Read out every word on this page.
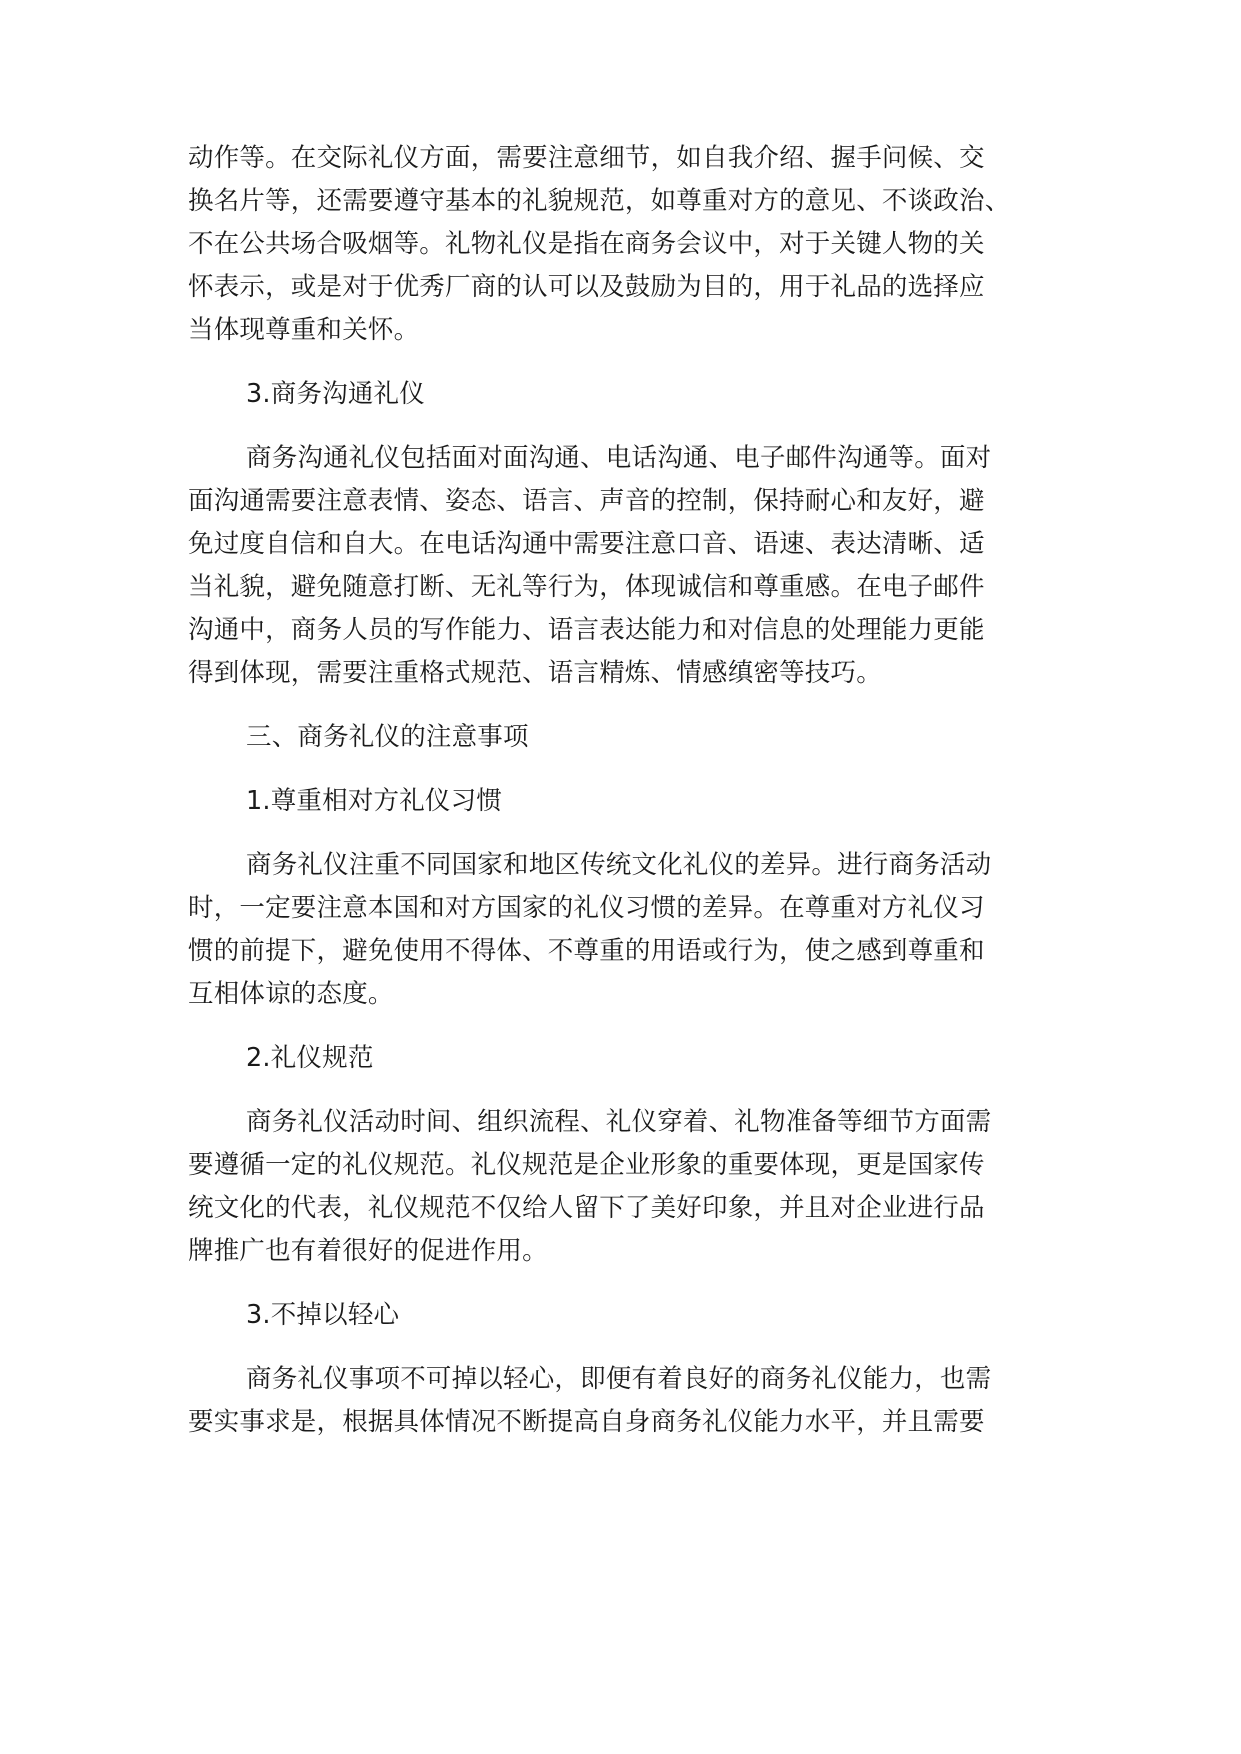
动作等。在交际礼仪方面，需要注意细节，如自我介绍、握手问候、交
换名片等，还需要遵守基本的礼貌规范，如尊重对方的意见、不谈政治、
不在公共场合吸烟等。礼物礼仪是指在商务会议中，对于关键人物的关
怀表示，或是对于优秀厂商的认可以及鼓励为目的，用于礼品的选择应
当体现尊重和关怀。
3.商务沟通礼仪
商务沟通礼仪包括面对面沟通、电话沟通、电子邮件沟通等。面对
面沟通需要注意表情、姿态、语言、声音的控制，保持耐心和友好，避
免过度自信和自大。在电话沟通中需要注意口音、语速、表达清晰、适
当礼貌，避免随意打断、无礼等行为，体现诚信和尊重感。在电子邮件
沟通中，商务人员的写作能力、语言表达能力和对信息的处理能力更能
得到体现，需要注重格式规范、语言精炼、情感缜密等技巧。
三、商务礼仪的注意事项
1.尊重相对方礼仪习惯
商务礼仪注重不同国家和地区传统文化礼仪的差异。进行商务活动
时，一定要注意本国和对方国家的礼仪习惯的差异。在尊重对方礼仪习
惯的前提下，避免使用不得体、不尊重的用语或行为，使之感到尊重和
互相体谅的态度。
2.礼仪规范
商务礼仪活动时间、组织流程、礼仪穿着、礼物准备等细节方面需
要遵循一定的礼仪规范。礼仪规范是企业形象的重要体现，更是国家传
统文化的代表，礼仪规范不仅给人留下了美好印象，并且对企业进行品
牌推广也有着很好的促进作用。
3.不掉以轻心
商务礼仪事项不可掉以轻心，即便有着良好的商务礼仪能力，也需
要实事求是，根据具体情况不断提高自身商务礼仪能力水平，并且需要
